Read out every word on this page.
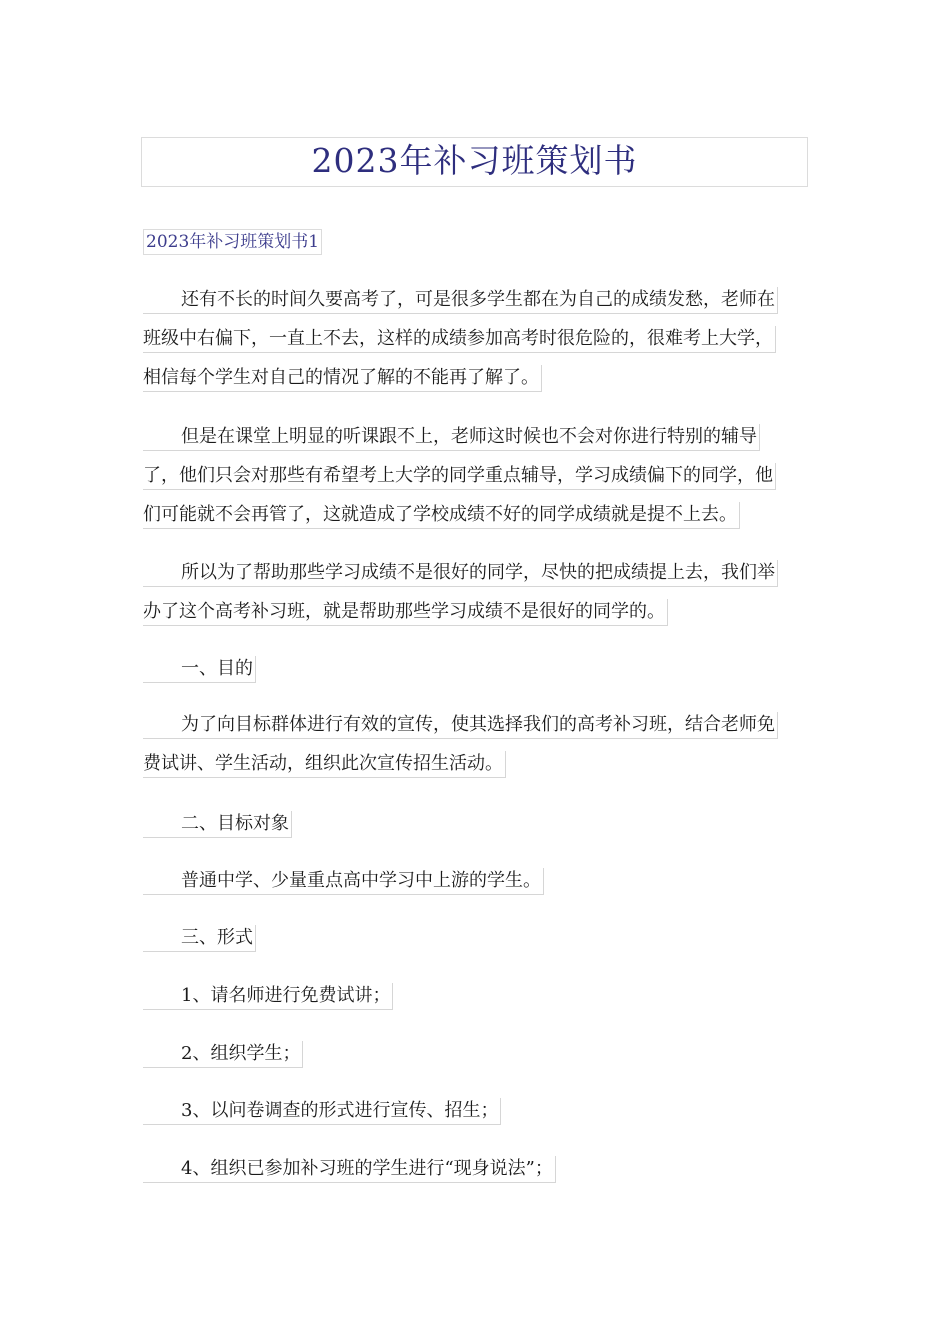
2023年补习班策划书
2023年补习班策划书1
还有不长的时间久要高考了，可是很多学生都在为自己的成绩发愁，老师在
班级中右偏下，一直上不去，这样的成绩参加高考时很危险的，很难考上大学，
相信每个学生对自己的情况了解的不能再了解了。
但是在课堂上明显的听课跟不上，老师这时候也不会对你进行特别的辅导
了，他们只会对那些有希望考上大学的同学重点辅导，学习成绩偏下的同学，他
们可能就不会再管了，这就造成了学校成绩不好的同学成绩就是提不上去。
所以为了帮助那些学习成绩不是很好的同学，尽快的把成绩提上去，我们举
办了这个高考补习班，就是帮助那些学习成绩不是很好的同学的。
一、目的
为了向目标群体进行有效的宣传，使其选择我们的高考补习班，结合老师免
费试讲、学生活动，组织此次宣传招生活动。
二、目标对象
普通中学、少量重点高中学习中上游的学生。
三、形式
1、请名师进行免费试讲；
2、组织学生；
3、以问卷调查的形式进行宣传、招生；
4、组织已参加补习班的学生进行“现身说法”；
